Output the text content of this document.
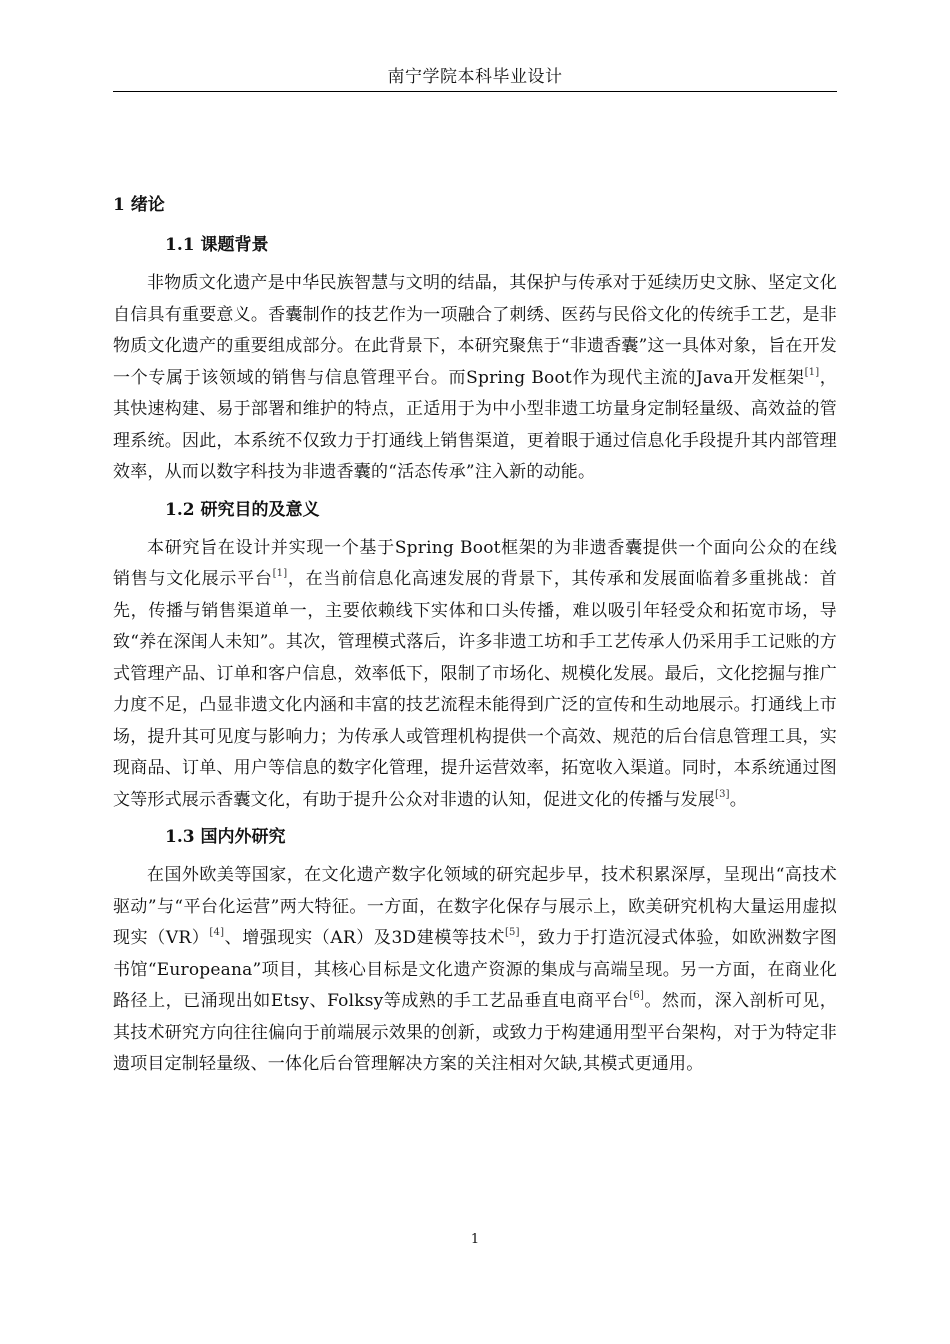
南宁学院本科毕业设计
1 绪论
1.1 课题背景

非物质文化遗产是中华民族智慧与文明的结晶，其保护与传承对于延续历史文脉、坚定文化自信具有重要意义。香囊制作的技艺作为一项融合了刺绣、医药与民俗文化的传统手工艺，是非物质文化遗产的重要组成部分。在此背景下，本研究聚焦于“非遗香囊”这一具体对象，旨在开发一个专属于该领域的销售与信息管理平台。而Spring Boot作为现代主流的Java开发框架[1]，其快速构建、易于部署和维护的特点，正适用于为中小型非遗工坊量身定制轻量级、高效益的管理系统。因此，本系统不仅致力于打通线上销售渠道，更着眼于通过信息化手段提升其内部管理效率，从而以数字科技为非遗香囊的“活态传承”注入新的动能。

1.2 研究目的及意义

本研究旨在设计并实现一个基于Spring Boot框架的为非遗香囊提供一个面向公众的在线销售与文化展示平台[1]，在当前信息化高速发展的背景下，其传承和发展面临着多重挑战：首先，传播与销售渠道单一，主要依赖线下实体和口头传播，难以吸引年轻受众和拓宽市场，导致“养在深闺人未知”。其次，管理模式落后，许多非遗工坊和手工艺传承人仍采用手工记账的方式管理产品、订单和客户信息，效率低下，限制了市场化、规模化发展。最后，文化挖掘与推广力度不足，凸显非遗文化内涵和丰富的技艺流程未能得到广泛的宣传和生动地展示。打通线上市场，提升其可见度与影响力；为传承人或管理机构提供一个高效、规范的后台信息管理工具，实现商品、订单、用户等信息的数字化管理，提升运营效率，拓宽收入渠道。同时，本系统通过图文等形式展示香囊文化，有助于提升公众对非遗的认知，促进文化的传播与发展[3]。

1.3 国内外研究

在国外欧美等国家，在文化遗产数字化领域的研究起步早，技术积累深厚，呈现出“高技术驱动”与“平台化运营”两大特征。一方面，在数字化保存与展示上，欧美研究机构大量运用虚拟现实（VR）[4]、增强现实（AR）及3D建模等技术[5]，致力于打造沉浸式体验，如欧洲数字图书馆“Europeana”项目，其核心目标是文化遗产资源的集成与高端呈现。另一方面，在商业化路径上，已涌现出如Etsy、Folksy等成熟的手工艺品垂直电商平台[6]。然而，深入剖析可见，其技术研究方向往往偏向于前端展示效果的创新，或致力于构建通用型平台架构，对于为特定非遗项目定制轻量级、一体化后台管理解决方案的关注相对欠缺,其模式更通用。

1
